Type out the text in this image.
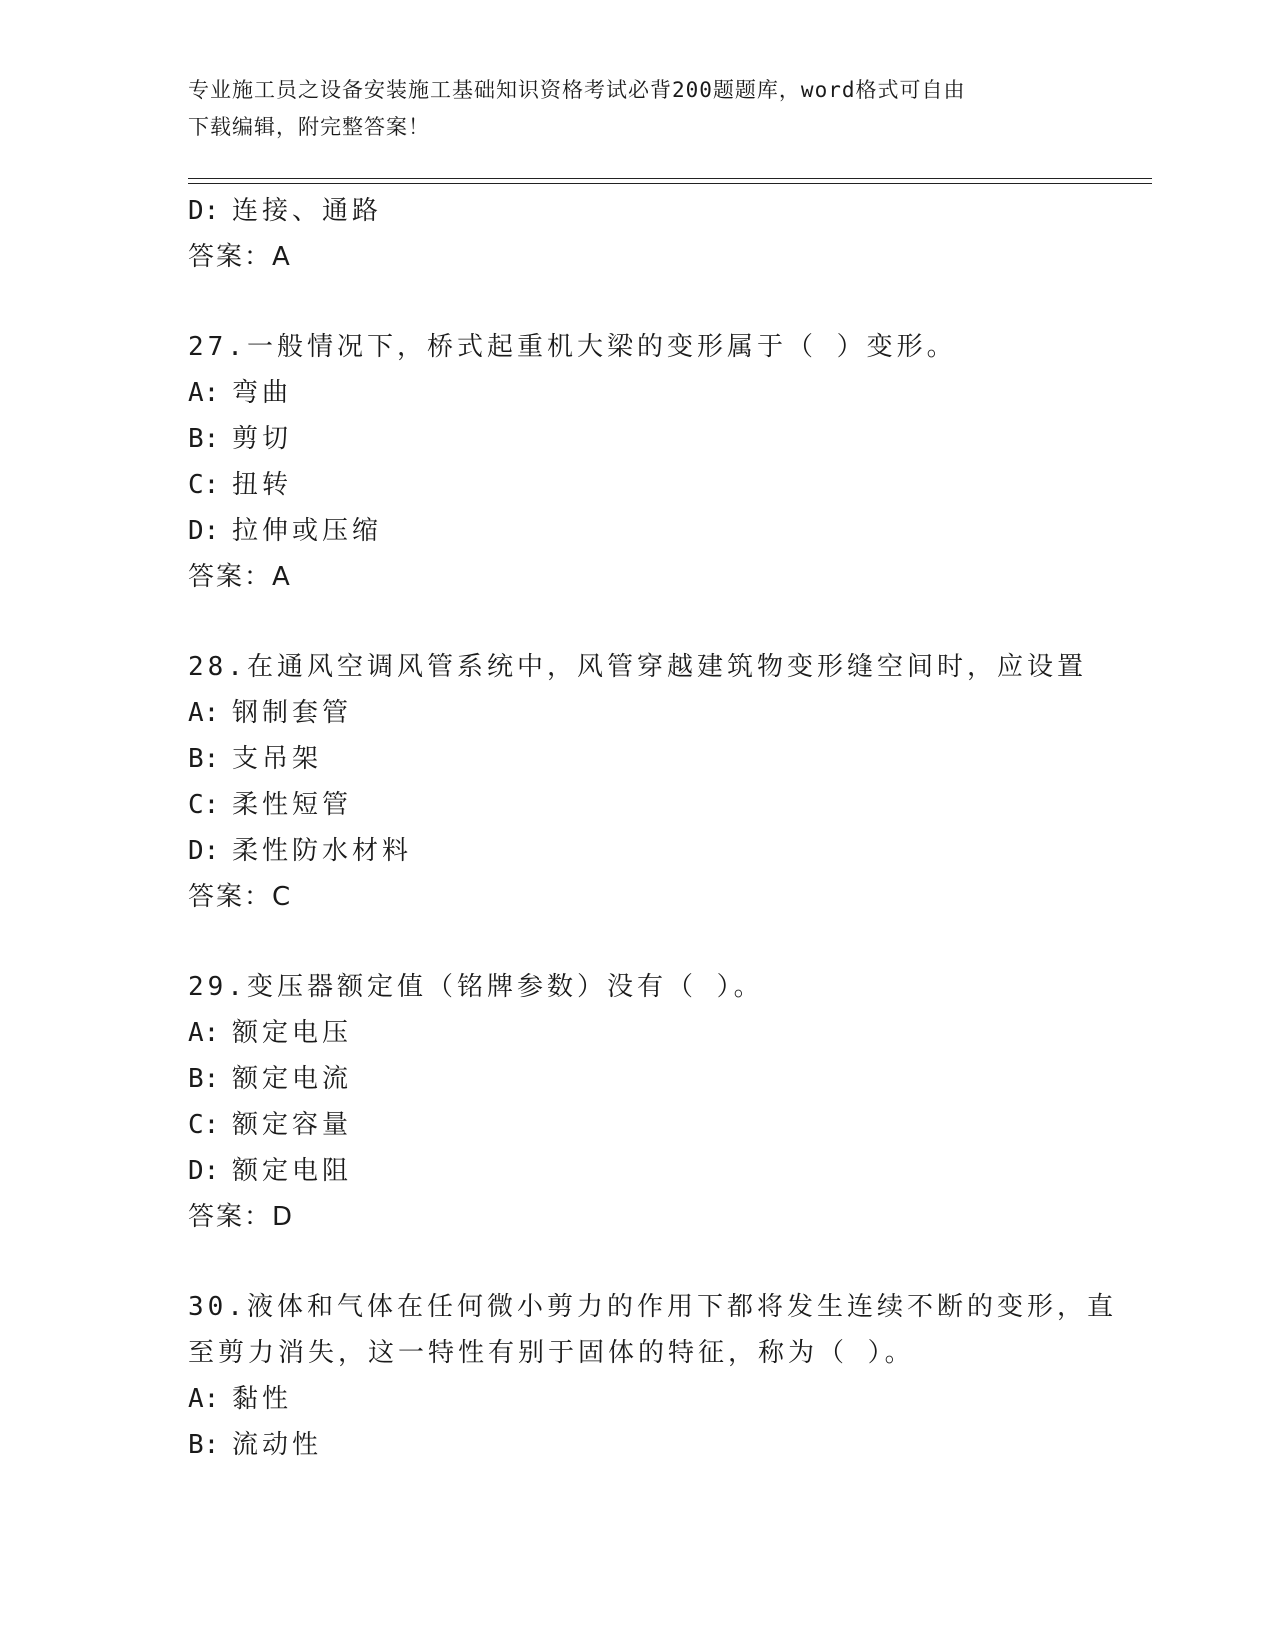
专业施工员之设备安装施工基础知识资格考试必背200题题库，word格式可自由
下载编辑，附完整答案！
D: 连接、通路
答案：A
27.一般情况下，桥式起重机大梁的变形属于（ ）变形。
A: 弯曲
B: 剪切
C: 扭转
D: 拉伸或压缩
答案：A
28.在通风空调风管系统中，风管穿越建筑物变形缝空间时，应设置
A: 钢制套管
B: 支吊架
C: 柔性短管
D: 柔性防水材料
答案：C
29.变压器额定值（铭牌参数）没有（ ）。
A: 额定电压
B: 额定电流
C: 额定容量
D: 额定电阻
答案：D
30.液体和气体在任何微小剪力的作用下都将发生连续不断的变形，直
至剪力消失，这一特性有别于固体的特征，称为（ ）。
A: 黏性
B: 流动性
